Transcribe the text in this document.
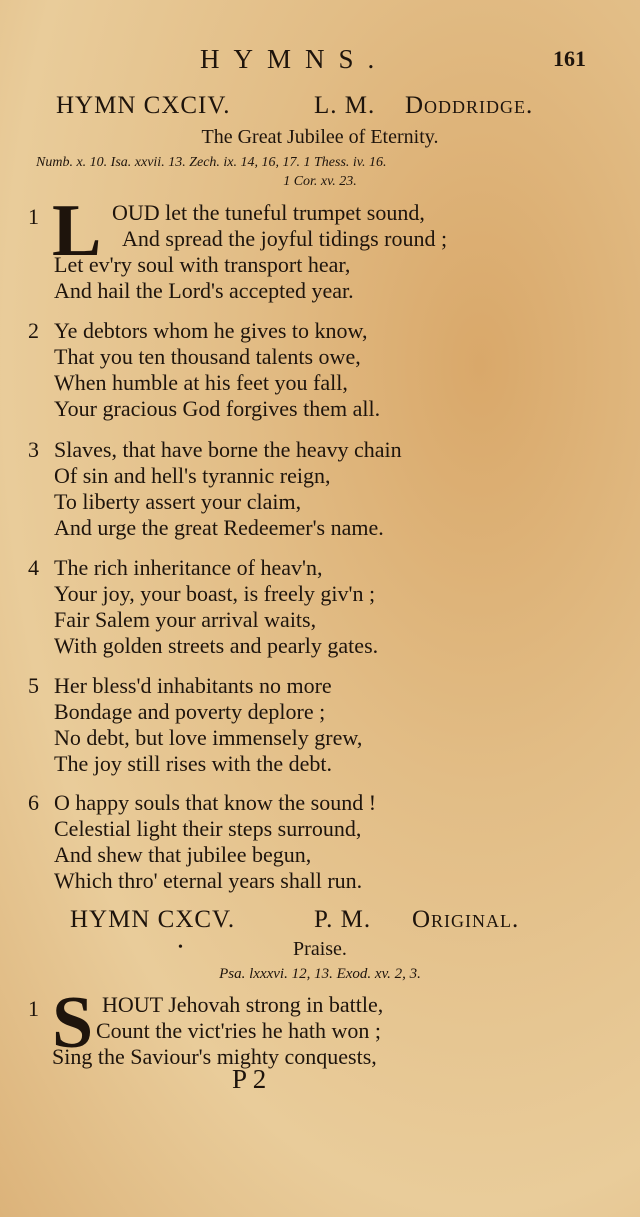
HYMNS.	161
HYMN CXCIV.	L. M. Doddridge.
The Great Jubilee of Eternity.
Numb. x. 10. Isa. xxvii. 13. Zech. ix. 14, 16, 17. 1 Thess. iv. 16.
1 Cor. xv. 23.
1 L OUD let the tuneful trumpet sound,
And spread the joyful tidings round ;
Let ev'ry soul with transport hear,
And hail the Lord's accepted year.
2 Ye debtors whom he gives to know,
That you ten thousand talents owe,
When humble at his feet you fall,
Your gracious God forgives them all.
3 Slaves, that have borne the heavy chain
Of sin and hell's tyrannic reign,
To liberty assert your claim,
And urge the great Redeemer's name.
4 The rich inheritance of heav'n,
Your joy, your boast, is freely giv'n ;
Fair Salem your arrival waits,
With golden streets and pearly gates.
5 Her bless'd inhabitants no more
Bondage and poverty deplore ;
No debt, but love immensely grew,
The joy still rises with the debt.
6 O happy souls that know the sound !
Celestial light their steps surround,
And shew that jubilee begun,
Which thro' eternal years shall run.
HYMN CXCV.	P. M. Original.
•	Praise.
Psa. lxxxvi. 12, 13. Exod. xv. 2, 3.
1 S HOUT Jehovah strong in battle,
Count the vict'ries he hath won ;
Sing the Saviour's mighty conquests,
P 2
